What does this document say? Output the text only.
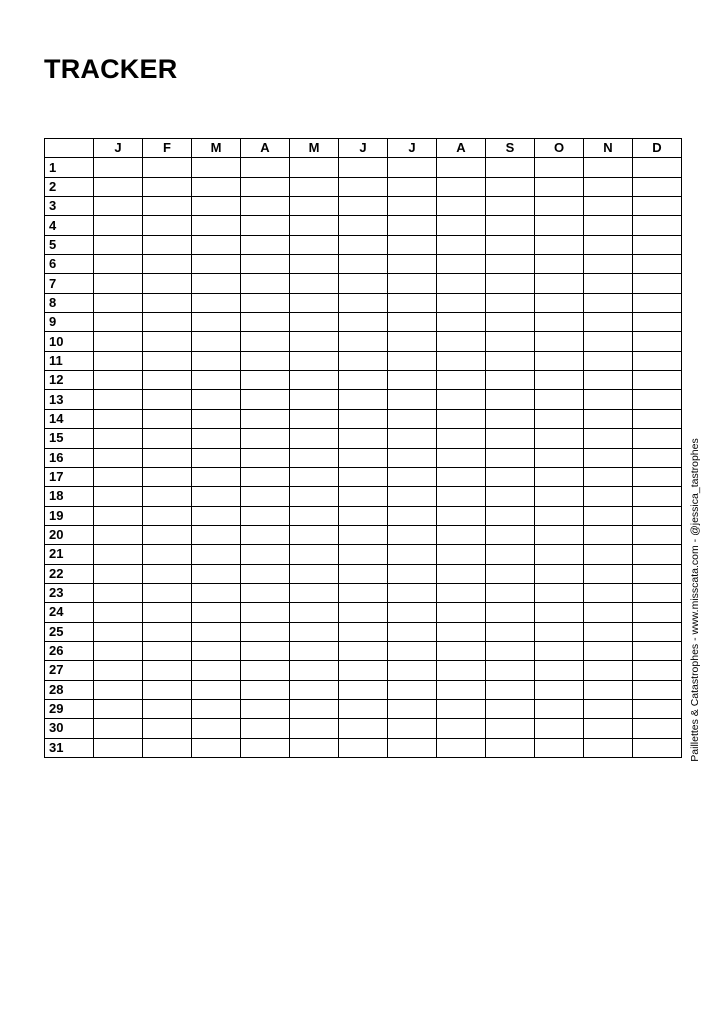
TRACKER
	J	F	M	A	M	J	J	A	S	O	N	D
1												
2												
3												
4												
5												
6												
7												
8												
9												
10												
11												
12												
13												
14												
15												
16												
17												
18												
19												
20												
21												
22												
23												
24												
25												
26												
27												
28												
29												
30												
31													Paillettes & Catastrophes - www.misscata.com - @jessica_tastrophes
